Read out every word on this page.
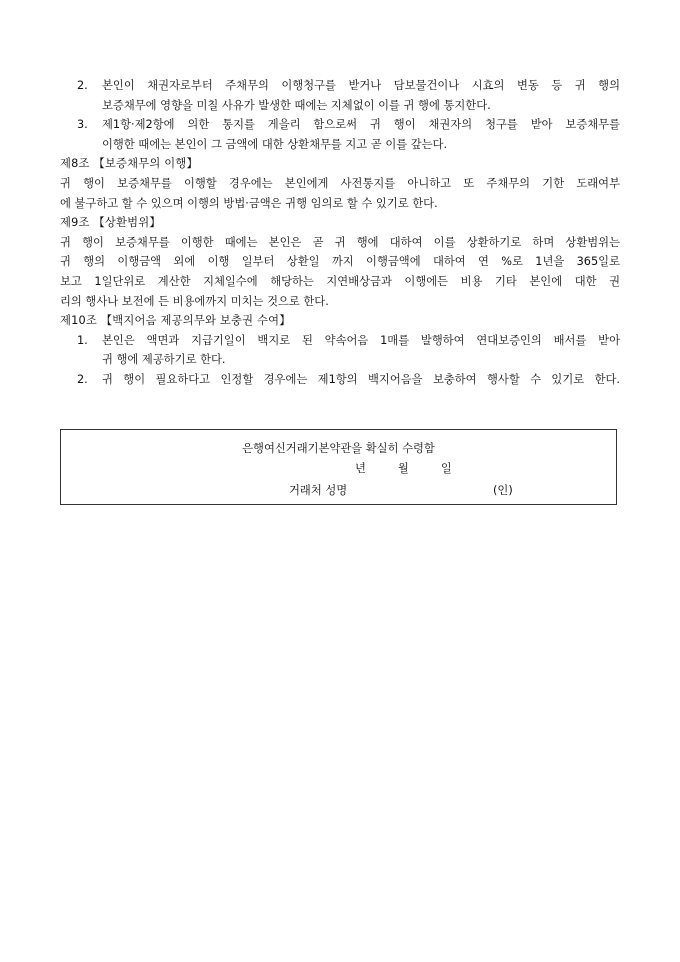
2.	본인이 채권자로부터 주채무의 이행청구를 받거나 담보물건이나 시효의 변동 등 귀 행의
보증채무에 영향을 미칠 사유가 발생한 때에는 지체없이 이를 귀 행에 통지한다.
3.	제1항·제2항에 의한 통지를 게을리 함으로써 귀 행이 채권자의 청구를 받아 보증채무를
이행한 때에는 본인이 그 금액에 대한 상환채무를 지고 곧 이를 갚는다.
제8조 【보증채무의 이행】
귀 행이 보증채무를 이행할 경우에는 본인에게 사전통지를 아니하고 또 주채무의 기한 도래여부
에 불구하고 할 수 있으며 이행의 방법·금액은 귀행 임의로 할 수 있기로 한다.
제9조 【상환범위】
귀 행이 보증채무를 이행한 때에는 본인은 곧 귀 행에 대하여 이를 상환하기로 하며 상환범위는
귀 행의 이행금액 외에 이행 일부터 상환일 까지 이행금액에 대하여 연 %로 1년을 365일로
보고 1일단위로 계산한 지체일수에 해당하는 지연배상금과 이행에든 비용 기타 본인에 대한 권
리의 행사나 보전에 든 비용에까지 미치는 것으로 한다.
제10조 【백지어음 제공의무와 보충권 수여】
1.	본인은 액면과 지급기일이 백지로 된 약속어음 1매를 발행하여 연대보증인의 배서를 받아
귀 행에 제공하기로 한다.
2.	귀 행이 필요하다고 인정할 경우에는 제1항의 백지어음을 보충하여 행사할 수 있기로 한다.
은행여신거래기본약관을 확실히 수령함
년	월	일
거래처 성명	(인)
